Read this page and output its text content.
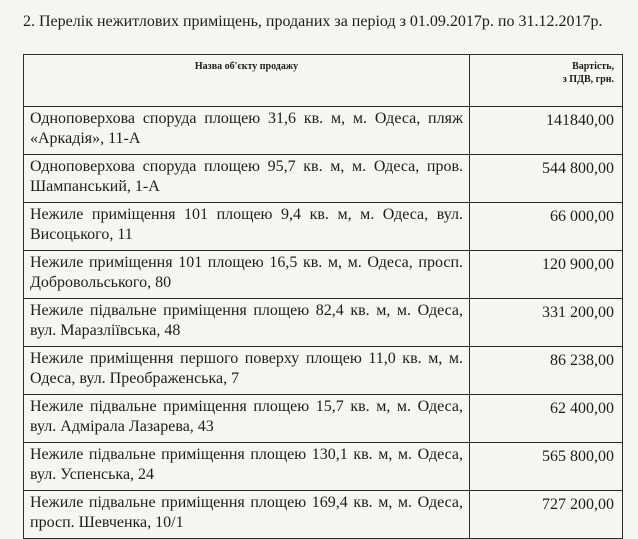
2. Перелік нежитлових приміщень, продaних за період з 01.09.2017р. по 31.12.2017р.
Назва об'єкту продажу	Вартість,
з ПДВ, грн.

Одноповерхова споруда площею 31,6 кв. м, м. Одеса, пляж «Аркадія», 11-А	141840,00
Одноповерхова споруда площею 95,7 кв. м, м. Одеса, пров. Шампанський, 1-А	544 800,00
Нежиле приміщення 101 площею 9,4 кв. м, м. Одеса, вул. Висоцького, 11	66 000,00
Нежиле приміщення 101 площею 16,5 кв. м, м. Одеса, просп. Добровольського, 80	120 900,00
Нежиле підвальне приміщення площею 82,4 кв. м, м. Одеса, вул. Маразліївська, 48	331 200,00
Нежиле приміщення першого поверху площею 11,0 кв. м, м. Одеса, вул. Преображенська, 7	86 238,00
Нежиле підвальне приміщення площею 15,7 кв. м, м. Одеса, вул. Адмірала Лазарева, 43	62 400,00
Нежиле підвальне приміщення площею 130,1 кв. м, м. Одеса, вул. Успенська, 24	565 800,00
Нежиле підвальне приміщення площею 169,4 кв. м, м. Одеса, просп. Шевченка, 10/1	727 200,00
